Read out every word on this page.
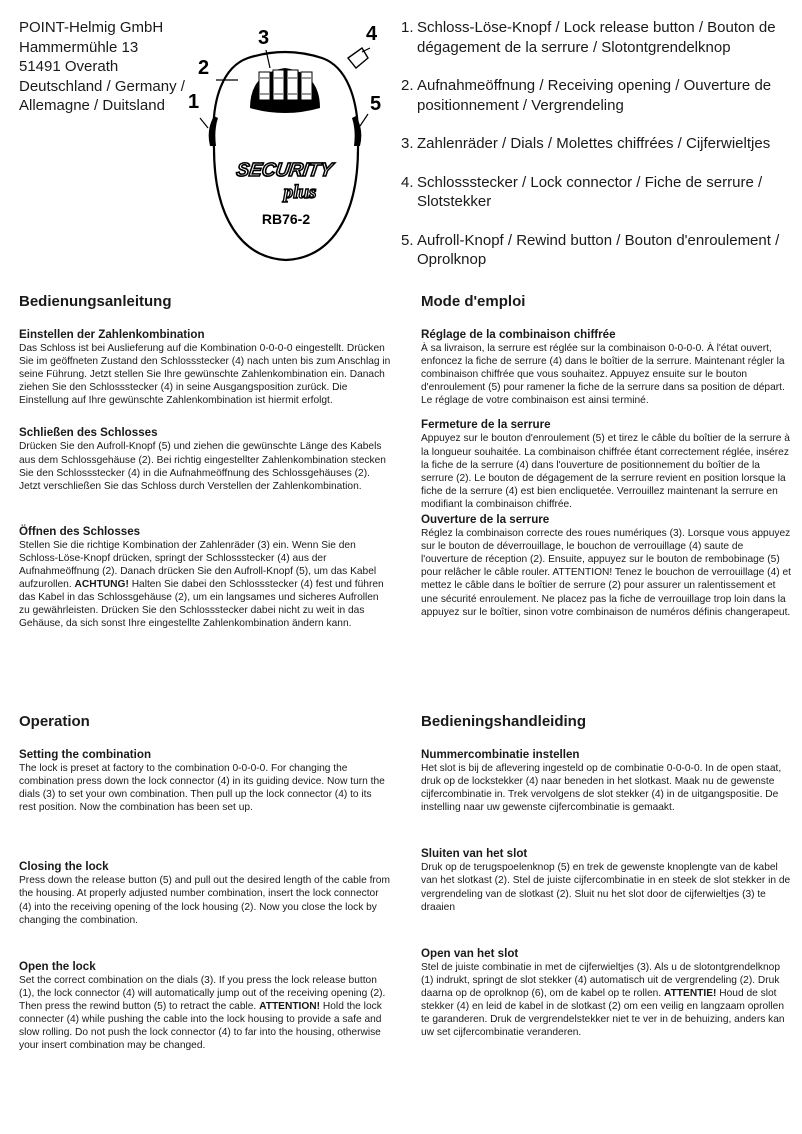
POINT-Helmig GmbH
Hammermühle 13
51491 Overath
Deutschland / Germany /
Allemagne / Duitsland
3
2
1
4
5
SECURITY
plus
RB76-2
1. Schloss-Löse-Knopf / Lock release button / Bouton de dégagement de la serrure / Slotontgrendelknop
2. Aufnahmeöffnung / Receiving opening / Ouverture de positionnement / Vergrendeling
3. Zahlenräder / Dials / Molettes chiffrées / Cijferwieltjes
4. Schlossstecker / Lock connector / Fiche de serrure / Slotstekker
5. Aufroll-Knopf / Rewind button / Bouton d'enroulement / Oprolknop
Bedienungsanleitung
Einstellen der Zahlenkombination
Das Schloss ist bei Auslieferung auf die Kombination 0-0-0-0 eingestellt. Drücken Sie im geöffneten Zustand den Schlossstecker (4) nach unten bis zum Anschlag in seine Führung. Jetzt stellen Sie Ihre gewünschte Zahlenkombination ein. Danach ziehen Sie den Schlossstecker (4) in seine Ausgangsposition zurück. Die Einstellung auf Ihre gewünschte Zahlenkombination ist hiermit erfolgt.
Schließen des Schlosses
Drücken Sie den Aufroll-Knopf (5) und ziehen die gewünschte Länge des Kabels aus dem Schlossgehäuse (2). Bei richtig eingestellter Zahlenkombination stecken Sie den Schlossstecker (4) in die Aufnahmeöffnung des Schlossgehäuses (2). Jetzt verschließen Sie das Schloss durch Verstellen der Zahlenkombination.
Öffnen des Schlosses
Stellen Sie die richtige Kombination der Zahlenräder (3) ein. Wenn Sie den Schloss-Löse-Knopf drücken, springt der Schlossstecker (4) aus der Aufnahmeöffnung (2). Danach drücken Sie den Aufroll-Knopf (5), um das Kabel aufzurollen. ACHTUNG! Halten Sie dabei den Schlossstecker (4) fest und führen das Kabel in das Schlossgehäuse (2), um ein langsames und sicheres Aufrollen zu gewährleisten. Drücken Sie den Schlossstecker dabei nicht zu weit in das Gehäuse, da sich sonst Ihre eingestellte Zahlenkombination ändern kann.
Mode d'emploi
Réglage de la combinaison chiffrée
À sa livraison, la serrure est réglée sur la combinaison 0-0-0-0. À l'état ouvert, enfoncez la fiche de serrure (4) dans le boîtier de la serrure. Maintenant régler la combinaison chiffrée que vous souhaitez. Appuyez ensuite sur le bouton d'enroulement (5) pour ramener la fiche de la serrure dans sa position de départ. Le réglage de votre combinaison est ainsi terminé.
Fermeture de la serrure
Appuyez sur le bouton d'enroulement (5) et tirez le câble du boîtier de la serrure à la longueur souhaitée. La combinaison chiffrée étant correctement réglée, insérez la fiche de la serrure (4) dans l'ouverture de positionnement du boîtier de la serrure (2). Le bouton de dégagement de la serrure revient en position lorsque la fiche de la serrure (4) est bien encliquetée. Verrouillez maintenant la serrure en modifiant la combinaison chiffrée.
Ouverture de la serrure
Réglez la combinaison correcte des roues numériques (3). Lorsque vous appuyez sur le bouton de déverrouillage, le bouchon de verrouillage (4) saute de l'ouverture de réception (2). Ensuite, appuyez sur le bouton de rembobinage (5) pour relâcher le câble rouler. ATTENTION! Tenez le bouchon de verrouillage (4) et mettez le câble dans le boîtier de serrure (2) pour assurer un ralentissement et une sécurité enroulement. Ne placez pas la fiche de verrouillage trop loin dans la appuyez sur le boîtier, sinon votre combinaison de numéros définis changerapeut.
Operation
Setting the combination
The lock is preset at factory to the combination 0-0-0-0. For changing the combination press down the lock connector (4) in its guiding device. Now turn the dials (3) to set your own combination. Then pull up the lock connector (4) to its rest position. Now the combination has been set up.
Closing the lock
Press down the release button (5) and pull out the desired length of the cable from the housing. At properly adjusted number combination, insert the lock connector (4) into the receiving opening of the lock housing (2). Now you close the lock by changing the combination.
Open the lock
Set the correct combination on the dials (3). If you press the lock release button (1), the lock connector (4) will automatically jump out of the receiving opening (2). Then press the rewind button (5) to retract the cable. ATTENTION! Hold the lock connecter (4) while pushing the cable into the lock housing to provide a safe and slow rolling. Do not push the lock connector (4) to far into the housing, otherwise your insert combination may be changed.
Bedieningshandleiding
Nummercombinatie instellen
Het slot is bij de aflevering ingesteld op de combinatie 0-0-0-0. In de open staat, druk op de lockstekker (4) naar beneden in het slotkast. Maak nu de gewenste cijfercombinatie in. Trek vervolgens de slot stekker (4) in de uitgangspositie. De instelling naar uw gewenste cijfercombinatie is gemaakt.
Sluiten van het slot
Druk op de terugspoelenknop (5) en trek de gewenste knoplengte van de kabel van het slotkast (2). Stel de juiste cijfercombinatie in en steek de slot stekker in de vergrendeling van de slotkast (2). Sluit nu het slot door de cijferwieltjes (3) te draaien
Open van het slot
Stel de juiste combinatie in met de cijferwieltjes (3). Als u de slotontgrendelknop (1) indrukt, springt de slot stekker (4) automatisch uit de vergrendeling (2). Druk daarna op de oprolknop (6), om de kabel op te rollen. ATTENTIE! Houd de slot stekker (4) en leid de kabel in de slotkast (2) om een veilig en langzaam oprollen te garanderen. Druk de vergrendelstekker niet te ver in de behuizing, anders kan uw set cijfercombinatie veranderen.
